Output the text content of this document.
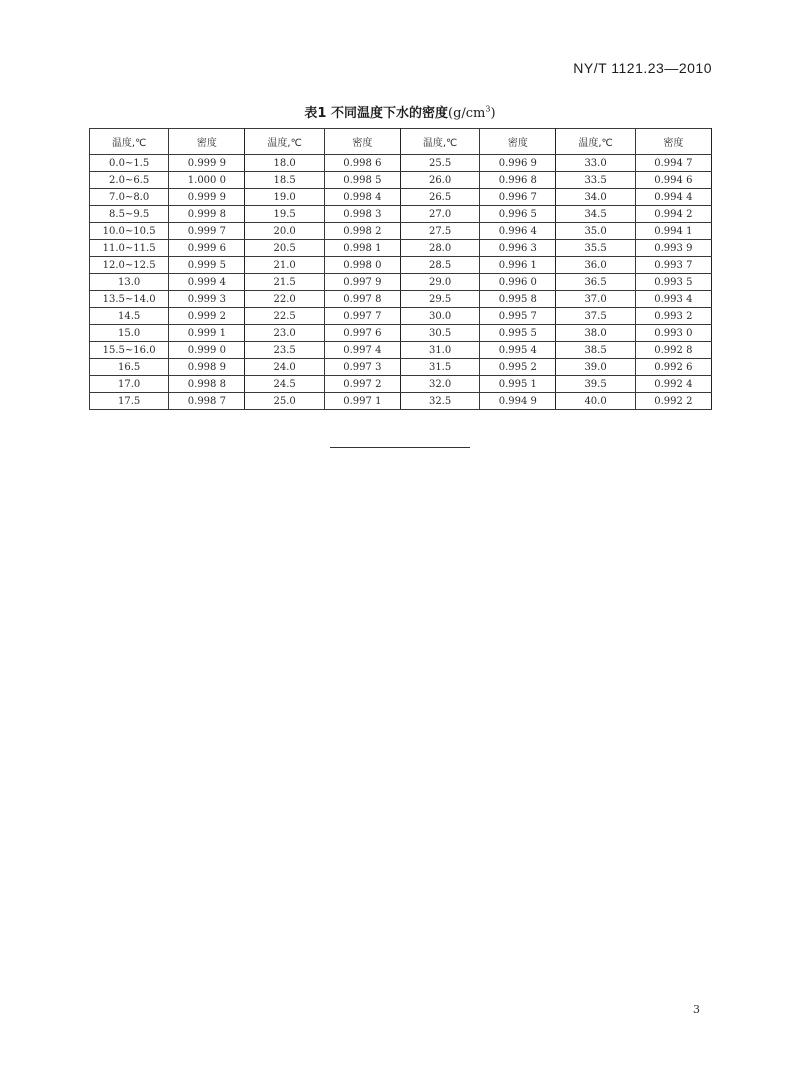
NY/T 1121.23—2010
表1 不同温度下水的密度$(g/cm^3)$
温度,℃	密度	温度,℃	密度	温度,℃	密度	温度,℃	密度
0.0~1.5	0.999 9	18.0	0.998 6	25.5	0.996 9	33.0	0.994 7
2.0~6.5	1.000 0	18.5	0.998 5	26.0	0.996 8	33.5	0.994 6
7.0~8.0	0.999 9	19.0	0.998 4	26.5	0.996 7	34.0	0.994 4
8.5~9.5	0.999 8	19.5	0.998 3	27.0	0.996 5	34.5	0.994 2
10.0~10.5	0.999 7	20.0	0.998 2	27.5	0.996 4	35.0	0.994 1
11.0~11.5	0.999 6	20.5	0.998 1	28.0	0.996 3	35.5	0.993 9
12.0~12.5	0.999 5	21.0	0.998 0	28.5	0.996 1	36.0	0.993 7
13.0	0.999 4	21.5	0.997 9	29.0	0.996 0	36.5	0.993 5
13.5~14.0	0.999 3	22.0	0.997 8	29.5	0.995 8	37.0	0.993 4
14.5	0.999 2	22.5	0.997 7	30.0	0.995 7	37.5	0.993 2
15.0	0.999 1	23.0	0.997 6	30.5	0.995 5	38.0	0.993 0
15.5~16.0	0.999 0	23.5	0.997 4	31.0	0.995 4	38.5	0.992 8
16.5	0.998 9	24.0	0.997 3	31.5	0.995 2	39.0	0.992 6
17.0	0.998 8	24.5	0.997 2	32.0	0.995 1	39.5	0.992 4
17.5	0.998 7	25.0	0.997 1	32.5	0.994 9	40.0	0.992 2
3
